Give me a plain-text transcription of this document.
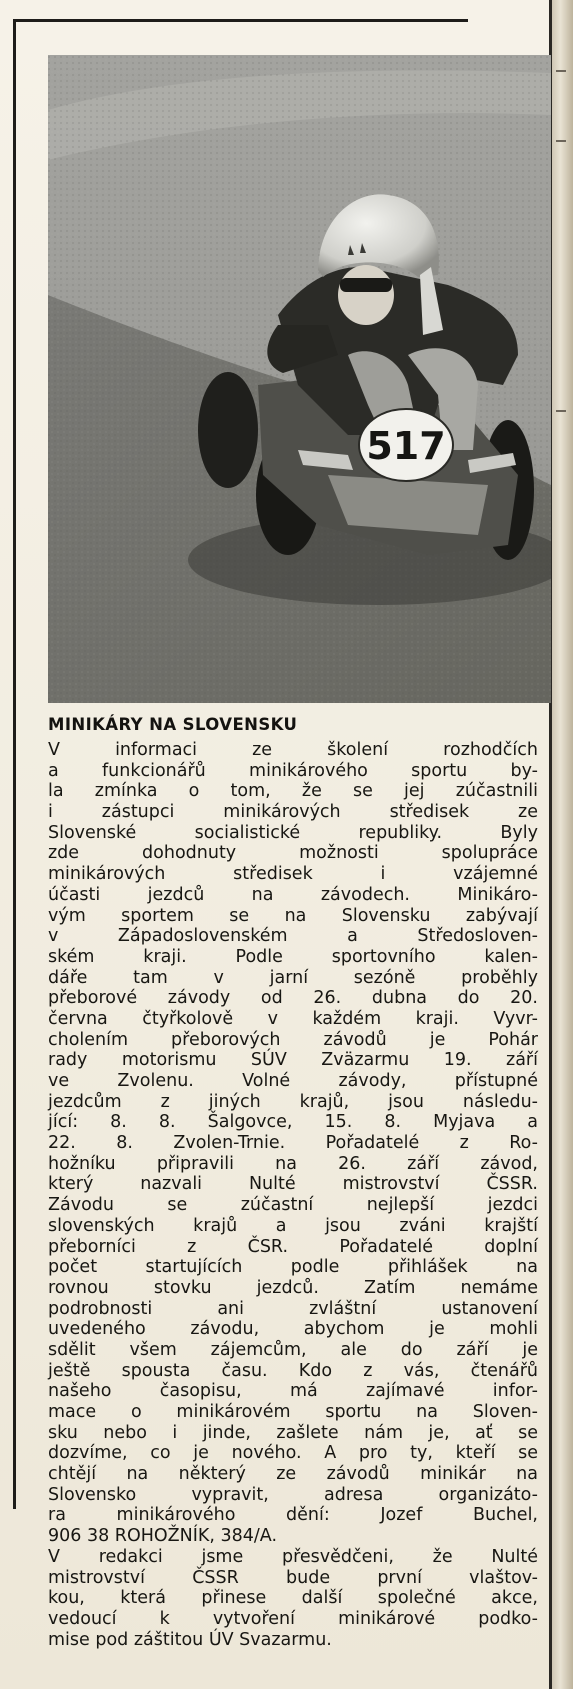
517
MINIKÁRY NA SLOVENSKU
V informaci ze školení rozhodčích
a funkcionářů minikárového sportu by-
la zmínka o tom, že se jej zúčastnili
i zástupci minikárových středisek ze
Slovenské socialistické republiky. Byly
zde dohodnuty možnosti spolupráce
minikárových středisek i vzájemné
účasti jezdců na závodech. Minikáro-
vým sportem se na Slovensku zabývají
v Západoslovenském a Středosloven-
ském kraji. Podle sportovního kalen-
dáře tam v jarní sezóně proběhly
přeborové závody od 26. dubna do 20.
června čtyřkolově v každém kraji. Vyvr-
cholením přeborových závodů je Pohár
rady motorismu SÚV Zväzarmu 19. září
ve Zvolenu. Volné závody, přístupné
jezdcům z jiných krajů, jsou následu-
jící: 8. 8. Šalgovce, 15. 8. Myjava a
22. 8. Zvolen-Trnie. Pořadatelé z Ro-
hožníku připravili na 26. září závod,
který nazvali Nulté mistrovství ČSSR.
Závodu se zúčastní nejlepší jezdci
slovenských krajů a jsou zváni krajští
přeborníci z ČSR. Pořadatelé doplní
počet startujících podle přihlášek na
rovnou stovku jezdců. Zatím nemáme
podrobnosti ani zvláštní ustanovení
uvedeného závodu, abychom je mohli
sdělit všem zájemcům, ale do září je
ještě spousta času. Kdo z vás, čtenářů
našeho časopisu, má zajímavé infor-
mace o minikárovém sportu na Sloven-
sku nebo i jinde, zašlete nám je, ať se
dozvíme, co je nového. A pro ty, kteří se
chtějí na některý ze závodů minikár na
Slovensko vypravit, adresa organizáto-
ra minikárového dění: Jozef Buchel,
906 38 ROHOŽNÍK, 384/A.
V redakci jsme přesvědčeni, že Nulté
mistrovství ČSSR bude první vlaštov-
kou, která přinese další společné akce,
vedoucí k vytvoření minikárové podko-
mise pod záštitou ÚV Svazarmu.
